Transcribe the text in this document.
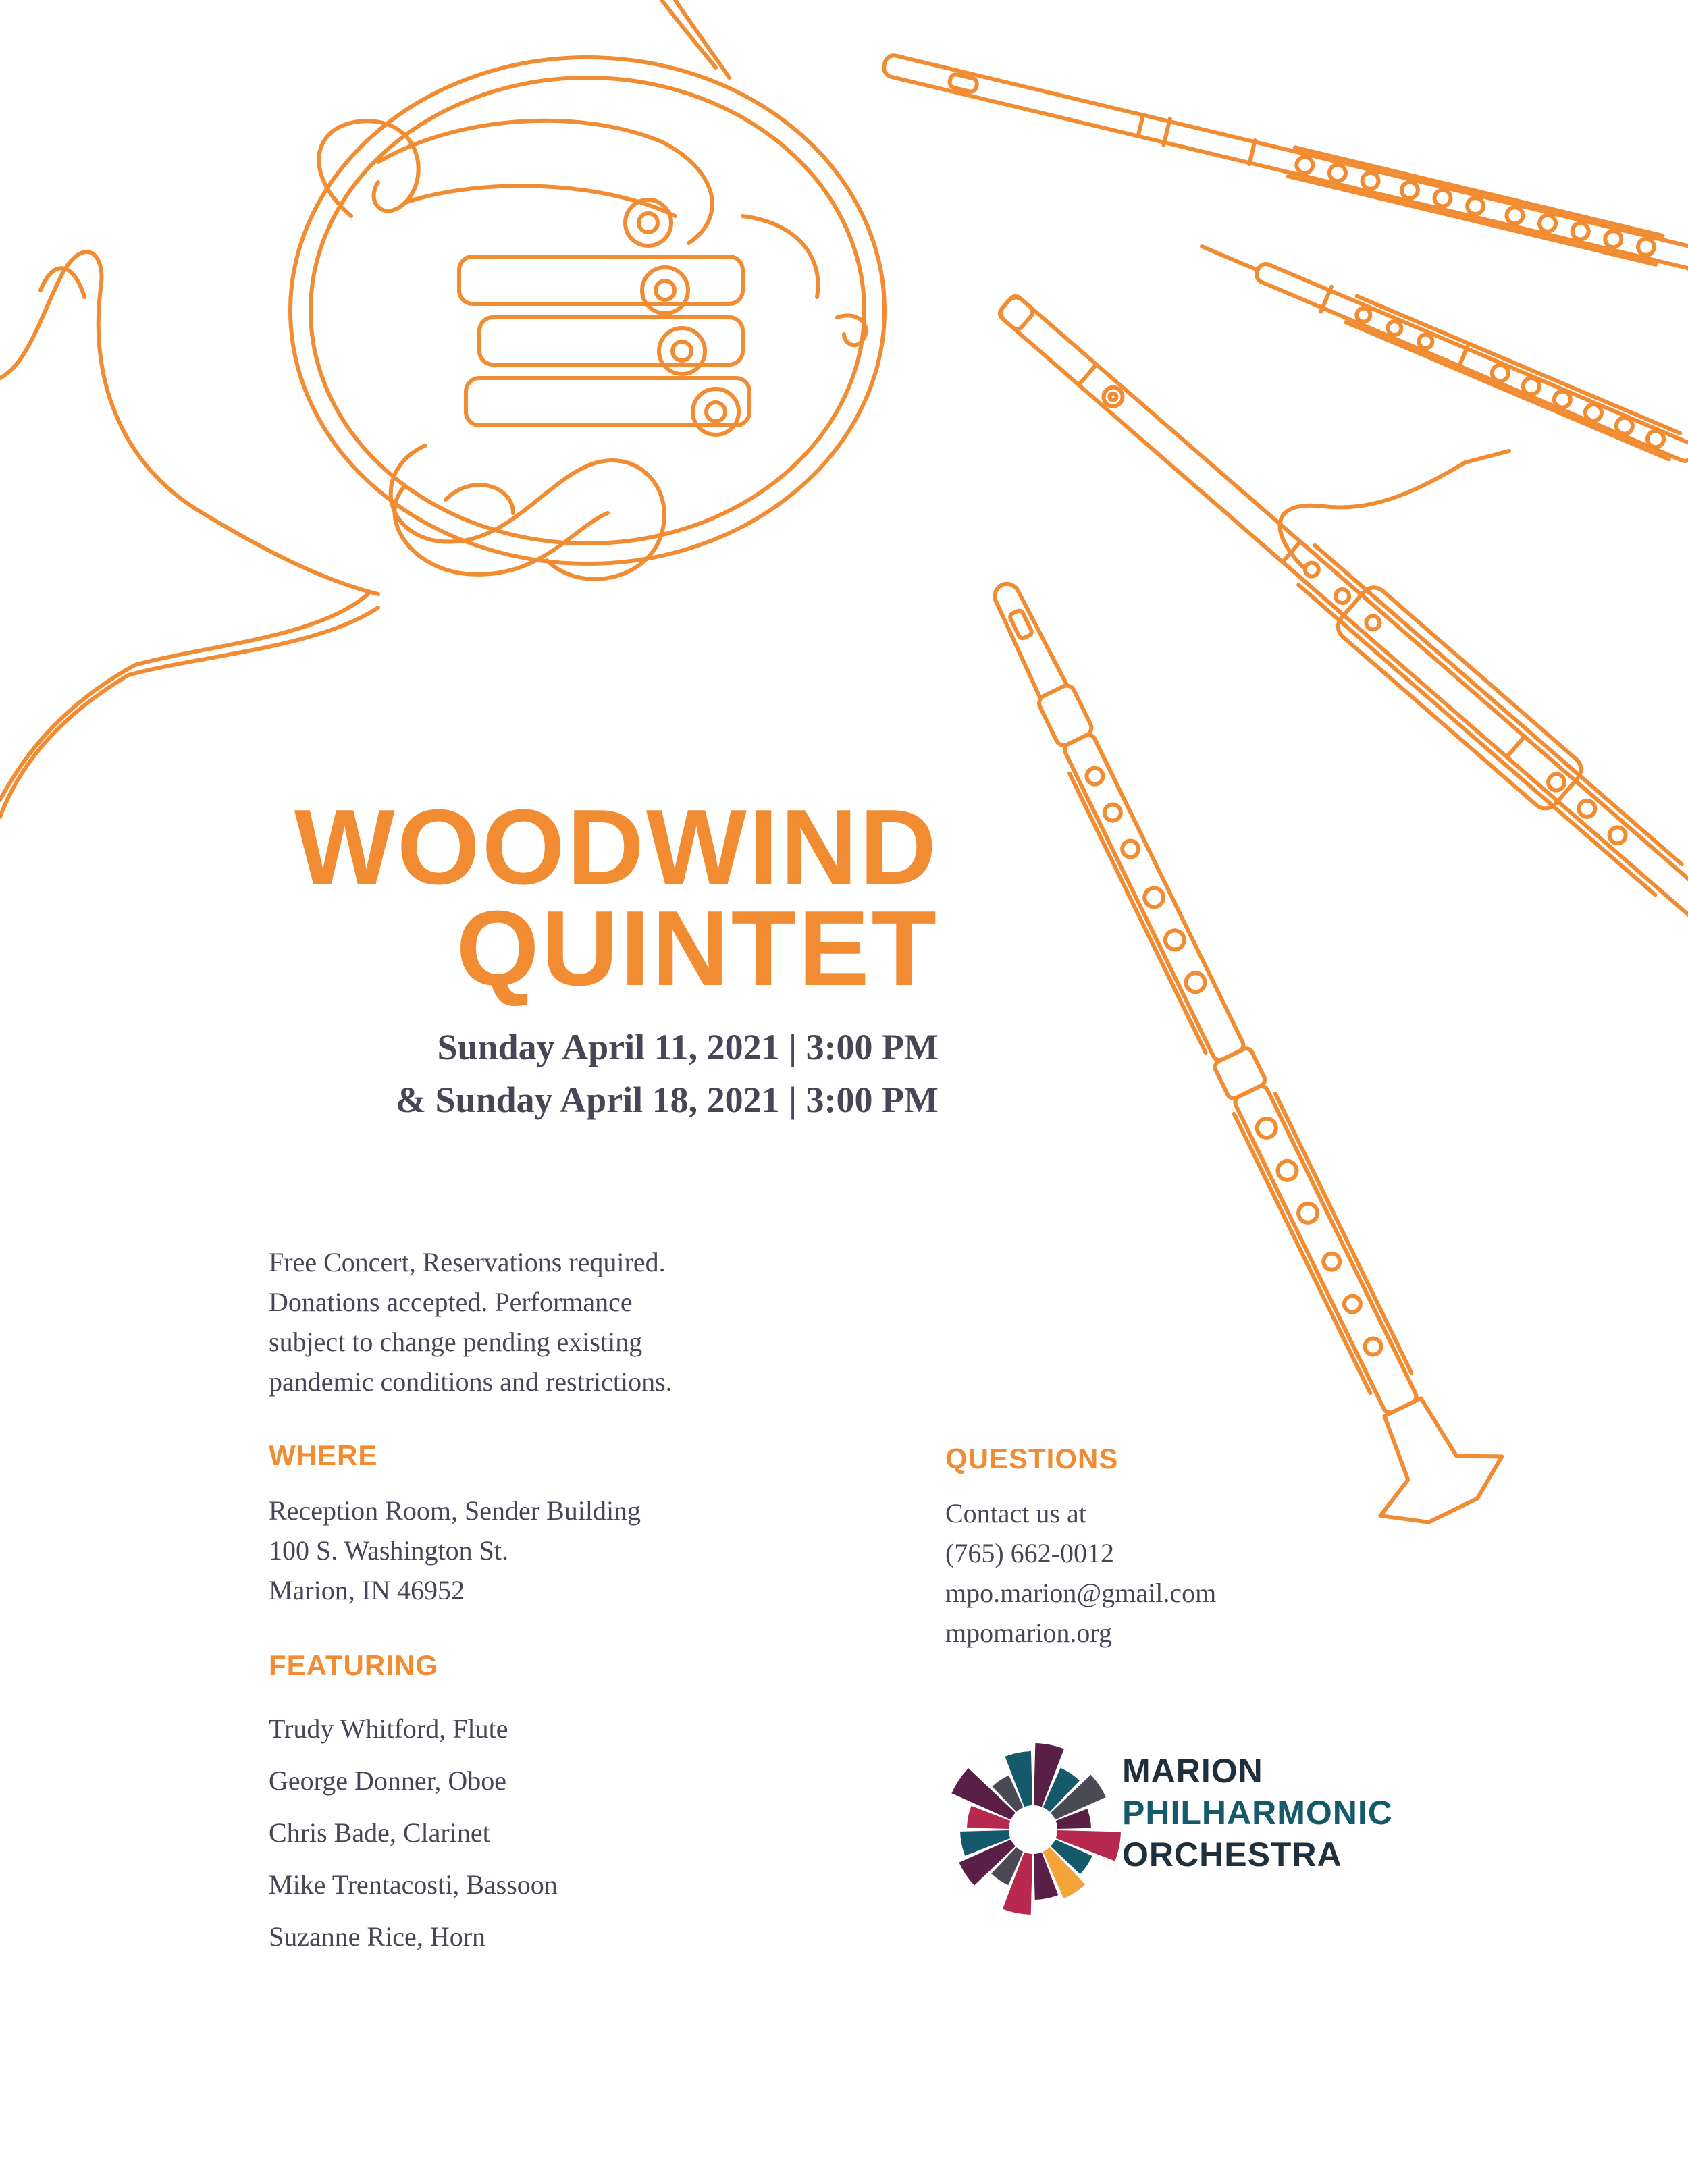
WOODWIND
QUINTET
Sunday April 11, 2021 | 3:00 PM
& Sunday April 18, 2021 | 3:00 PM
Free Concert, Reservations required.
Donations accepted. Performance
subject to change pending existing
pandemic conditions and restrictions.
WHERE
Reception Room, Sender Building
100 S. Washington St.
Marion, IN 46952
FEATURING
Trudy Whitford, Flute
George Donner, Oboe
Chris Bade, Clarinet
Mike Trentacosti, Bassoon
Suzanne Rice, Horn
QUESTIONS
Contact us at
(765) 662-0012
mpo.marion@gmail.com
mpomarion.org
MARION
PHILHARMONIC
ORCHESTRA
